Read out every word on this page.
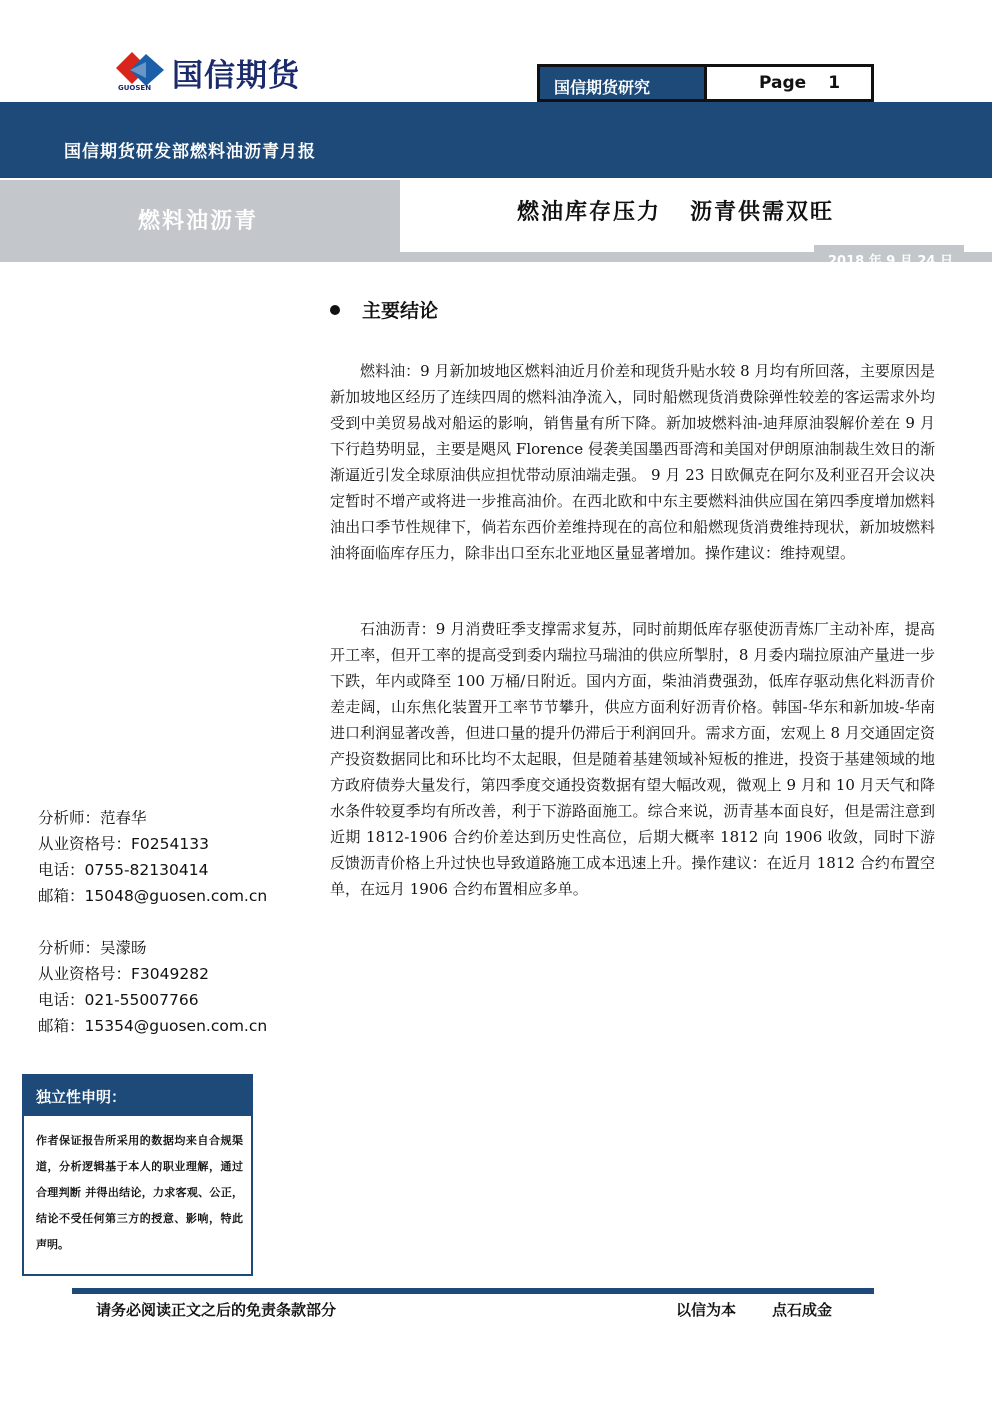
国信期货
GUOSEN	国信期货研究	Page 1
国信期货研发部燃料油沥青月报
燃料油沥青	燃油库存压力   沥青供需双旺
2018 年 9 月 24 日
主要结论

燃料油：9 月新加坡地区燃料油近月价差和现货升贴水较 8 月均有所回落，主要原因是新加坡地区经历了连续四周的燃料油净流入，同时船燃现货消费除弹性较差的客运需求外均受到中美贸易战对船运的影响，销售量有所下降。新加坡燃料油-迪拜原油裂解价差在 9 月下行趋势明显，主要是飓风 Florence 侵袭美国墨西哥湾和美国对伊朗原油制裁生效日的渐渐逼近引发全球原油供应担忧带动原油端走强。 9 月 23 日欧佩克在阿尔及利亚召开会议决定暂时不增产或将进一步推高油价。在西北欧和中东主要燃料油供应国在第四季度增加燃料油出口季节性规律下，倘若东西价差维持现在的高位和船燃现货消费维持现状，新加坡燃料油将面临库存压力，除非出口至东北亚地区量显著增加。操作建议：维持观望。

石油沥青：9 月消费旺季支撑需求复苏，同时前期低库存驱使沥青炼厂主动补库，提高开工率，但开工率的提高受到委内瑞拉马瑞油的供应所掣肘，8 月委内瑞拉原油产量进一步下跌，年内或降至 100 万桶/日附近。国内方面，柴油消费强劲，低库存驱动焦化料沥青价差走阔，山东焦化装置开工率节节攀升，供应方面利好沥青价格。韩国-华东和新加坡-华南进口利润显著改善，但进口量的提升仍滞后于利润回升。需求方面，宏观上 8 月交通固定资产投资数据同比和环比均不太起眼，但是随着基建领域补短板的推进，投资于基建领域的地方政府债券大量发行，第四季度交通投资数据有望大幅改观，微观上 9 月和 10 月天气和降水条件较夏季均有所改善，利于下游路面施工。综合来说，沥青基本面良好，但是需注意到近期 1812-1906 合约价差达到历史性高位，后期大概率 1812 向 1906 收敛，同时下游反馈沥青价格上升过快也导致道路施工成本迅速上升。操作建议：在近月 1812 合约布置空单，在远月 1906 合约布置相应多单。

分析师：范春华
从业资格号：F0254133
电话：0755-82130414
邮箱：15048@guosen.com.cn
分析师：吴濛旸
从业资格号：F3049282
电话：021-55007766
邮箱：15354@guosen.com.cn
独立性申明：
作者保证报告所采用的数据均来自合规渠道，分析逻辑基于本人的职业理解，通过合理判断 并得出结论，力求客观、公正，结论不受任何第三方的授意、影响，特此声明。
请务必阅读正文之后的免责条款部分	以信为本 点石成金
